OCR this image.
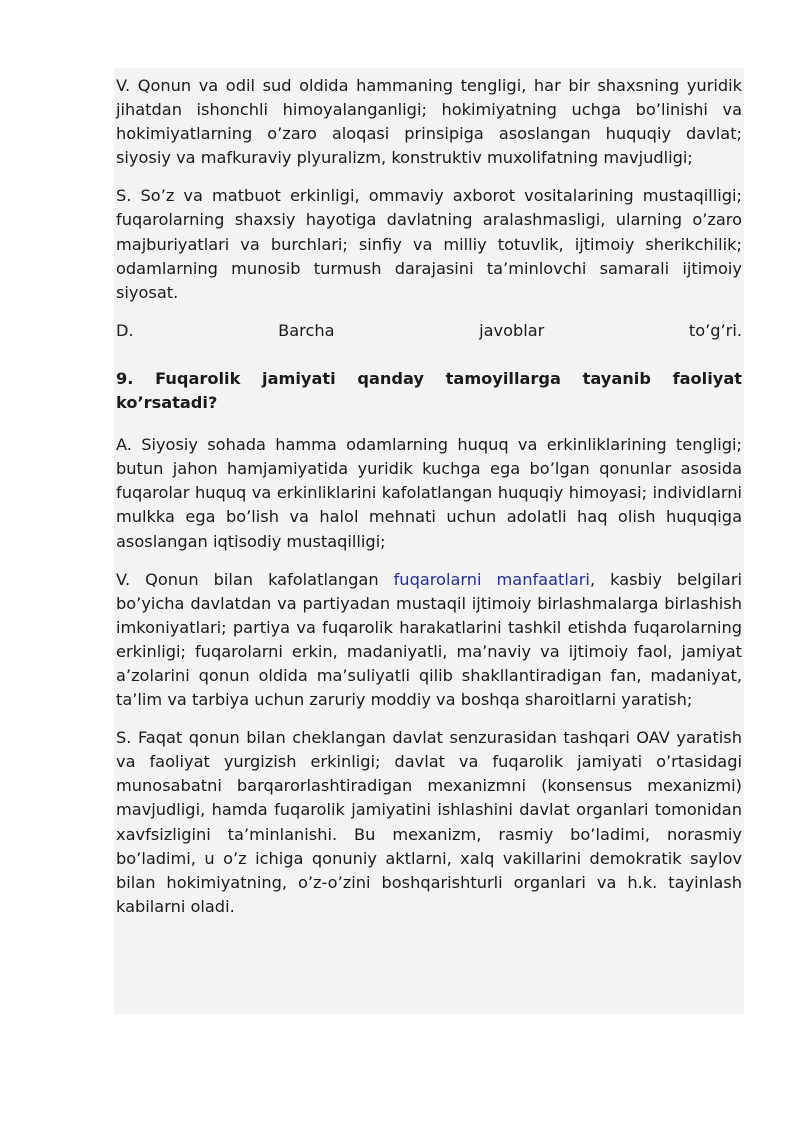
V. Qonun va odil sud oldida hammaning tengligi, har bir shaxsning yuridik jihatdan ishonchli himoyalanganligi; hokimiyatning uchga bo’linishi va hokimiyatlarning o’zaro aloqasi prinsipiga asoslangan huquqiy davlat; siyosiy va mafkuraviy plyuralizm, konstruktiv muxolifatning mavjudligi;

S. So’z va matbuot erkinligi, ommaviy axborot vositalarining mustaqilligi; fuqarolarning shaxsiy hayotiga davlatning aralashmasligi, ularning o’zaro majburiyatlari va burchlari; sinfiy va milliy totuvlik, ijtimoiy sherikchilik; odamlarning munosib turmush darajasini ta’minlovchi samarali ijtimoiy siyosat.

D. Barcha javoblar to’g’ri.

9. Fuqarolik jamiyati qanday tamoyillarga tayanib faoliyat ko’rsatadi?

A. Siyosiy sohada hamma odamlarning huquq va erkinliklarining tengligi; butun jahon hamjamiyatida yuridik kuchga ega bo’lgan qonunlar asosida fuqarolar huquq va erkinliklarini kafolatlangan huquqiy himoyasi; individlarni mulkka ega bo’lish va halol mehnati uchun adolatli haq olish huquqiga asoslangan iqtisodiy mustaqilligi;

V. Qonun bilan kafolatlangan fuqarolarni manfaatlari, kasbiy belgilari bo’yicha davlatdan va partiyadan mustaqil ijtimoiy birlashmalarga birlashish imkoniyatlari; partiya va fuqarolik harakatlarini tashkil etishda fuqarolarning erkinligi; fuqarolarni erkin, madaniyatli, ma’naviy va ijtimoiy faol, jamiyat a’zolarini qonun oldida ma’suliyatli qilib shakllantiradigan fan, madaniyat, ta’lim va tarbiya uchun zaruriy moddiy va boshqa sharoitlarni yaratish;

S. Faqat qonun bilan cheklangan davlat senzurasidan tashqari OAV yaratish va faoliyat yurgizish erkinligi; davlat va fuqarolik jamiyati o’rtasidagi munosabatni barqarorlashtiradigan mexanizmni (konsensus mexanizmi) mavjudligi, hamda fuqarolik jamiyatini ishlashini davlat organlari tomonidan xavfsizligini ta’minlanishi. Bu mexanizm, rasmiy bo’ladimi, norasmiy bo’ladimi, u o’z ichiga qonuniy aktlarni, xalq vakillarini demokratik saylov bilan hokimiyatning, o’z-o’zini boshqarishturli organlari va h.k. tayinlash kabilarni oladi.
